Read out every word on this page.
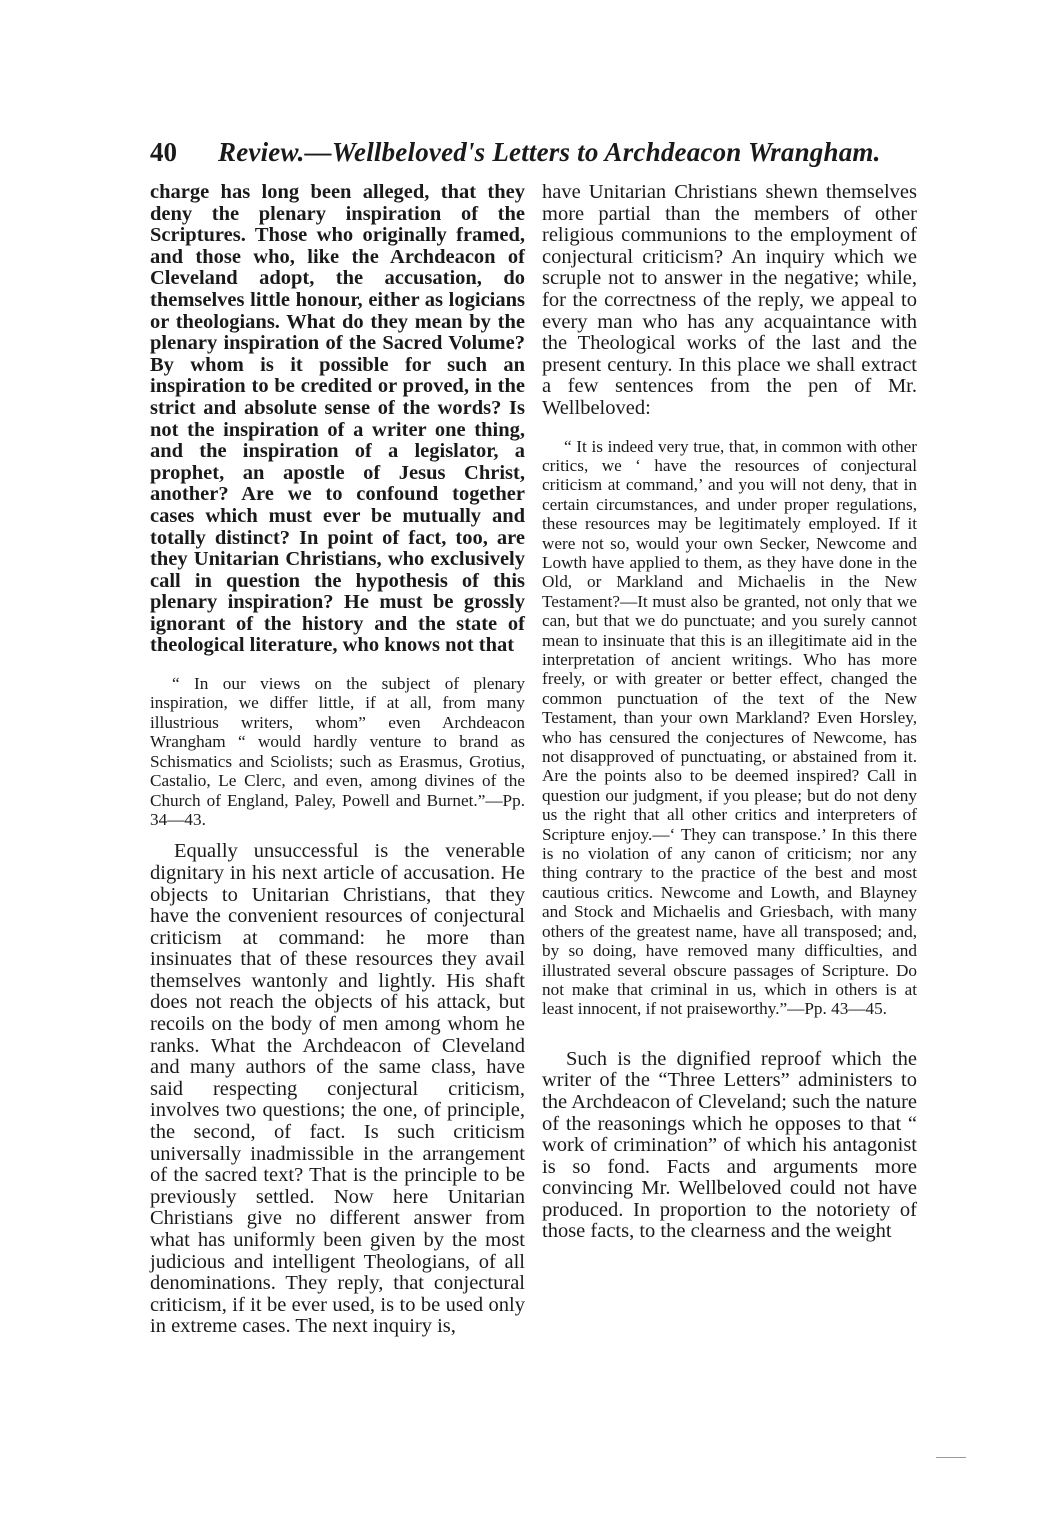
40 Review.—Wellbeloved's Letters to Archdeacon Wrangham.

charge has long been alleged, that they deny the plenary inspiration of the Scriptures. Those who originally framed, and those who, like the Archdeacon of Cleveland adopt, the accusation, do themselves little honour, either as logicians or theologians. What do they mean by the plenary inspiration of the Sacred Volume? By whom is it possible for such an inspiration to be credited or proved, in the strict and absolute sense of the words? Is not the inspiration of a writer one thing, and the inspiration of a legislator, a prophet, an apostle of Jesus Christ, another? Are we to confound together cases which must ever be mutually and totally distinct? In point of fact, too, are they Unitarian Christians, who exclusively call in question the hypothesis of this plenary inspiration? He must be grossly ignorant of the history and the state of theological literature, who knows not that

“ In our views on the subject of plenary inspiration, we differ little, if at all, from many illustrious writers, whom” even Archdeacon Wrangham “ would hardly venture to brand as Schismatics and Sciolists; such as Erasmus, Grotius, Castalio, Le Clerc, and even, among divines of the Church of England, Paley, Powell and Burnet.”—Pp. 34—43.

Equally unsuccessful is the venerable dignitary in his next article of accusation. He objects to Unitarian Christians, that they have the convenient resources of conjectural criticism at command: he more than insinuates that of these resources they avail themselves wantonly and lightly. His shaft does not reach the objects of his attack, but recoils on the body of men among whom he ranks. What the Archdeacon of Cleveland and many authors of the same class, have said respecting conjectural criticism, involves two questions; the one, of principle, the second, of fact. Is such criticism universally inadmissible in the arrangement of the sacred text? That is the principle to be previously settled. Now here Unitarian Christians give no different answer from what has uniformly been given by the most judicious and intelligent Theologians, of all denominations. They reply, that conjectural criticism, if it be ever used, is to be used only in extreme cases. The next inquiry is,

have Unitarian Christians shewn themselves more partial than the members of other religious communions to the employment of conjectural criticism? An inquiry which we scruple not to answer in the negative; while, for the correctness of the reply, we appeal to every man who has any acquaintance with the Theological works of the last and the present century. In this place we shall extract a few sentences from the pen of Mr. Wellbeloved:

“ It is indeed very true, that, in common with other critics, we ‘ have the resources of conjectural criticism at command,’ and you will not deny, that in certain circumstances, and under proper regulations, these resources may be legitimately employed. If it were not so, would your own Secker, Newcome and Lowth have applied to them, as they have done in the Old, or Markland and Michaelis in the New Testament?—It must also be granted, not only that we can, but that we do punctuate; and you surely cannot mean to insinuate that this is an illegitimate aid in the interpretation of ancient writings. Who has more freely, or with greater or better effect, changed the common punctuation of the text of the New Testament, than your own Markland? Even Horsley, who has censured the conjectures of Newcome, has not disapproved of punctuating, or abstained from it. Are the points also to be deemed inspired? Call in question our judgment, if you please; but do not deny us the right that all other critics and interpreters of Scripture enjoy.—‘ They can transpose.’ In this there is no violation of any canon of criticism; nor any thing contrary to the practice of the best and most cautious critics. Newcome and Lowth, and Blayney and Stock and Michaelis and Griesbach, with many others of the greatest name, have all transposed; and, by so doing, have removed many difficulties, and illustrated several obscure passages of Scripture. Do not make that criminal in us, which in others is at least innocent, if not praiseworthy.”—Pp. 43—45.

Such is the dignified reproof which the writer of the “Three Letters” administers to the Archdeacon of Cleveland; such the nature of the reasonings which he opposes to that “ work of crimination” of which his antagonist is so fond. Facts and arguments more convincing Mr. Wellbeloved could not have produced. In proportion to the notoriety of those facts, to the clearness and the weight
